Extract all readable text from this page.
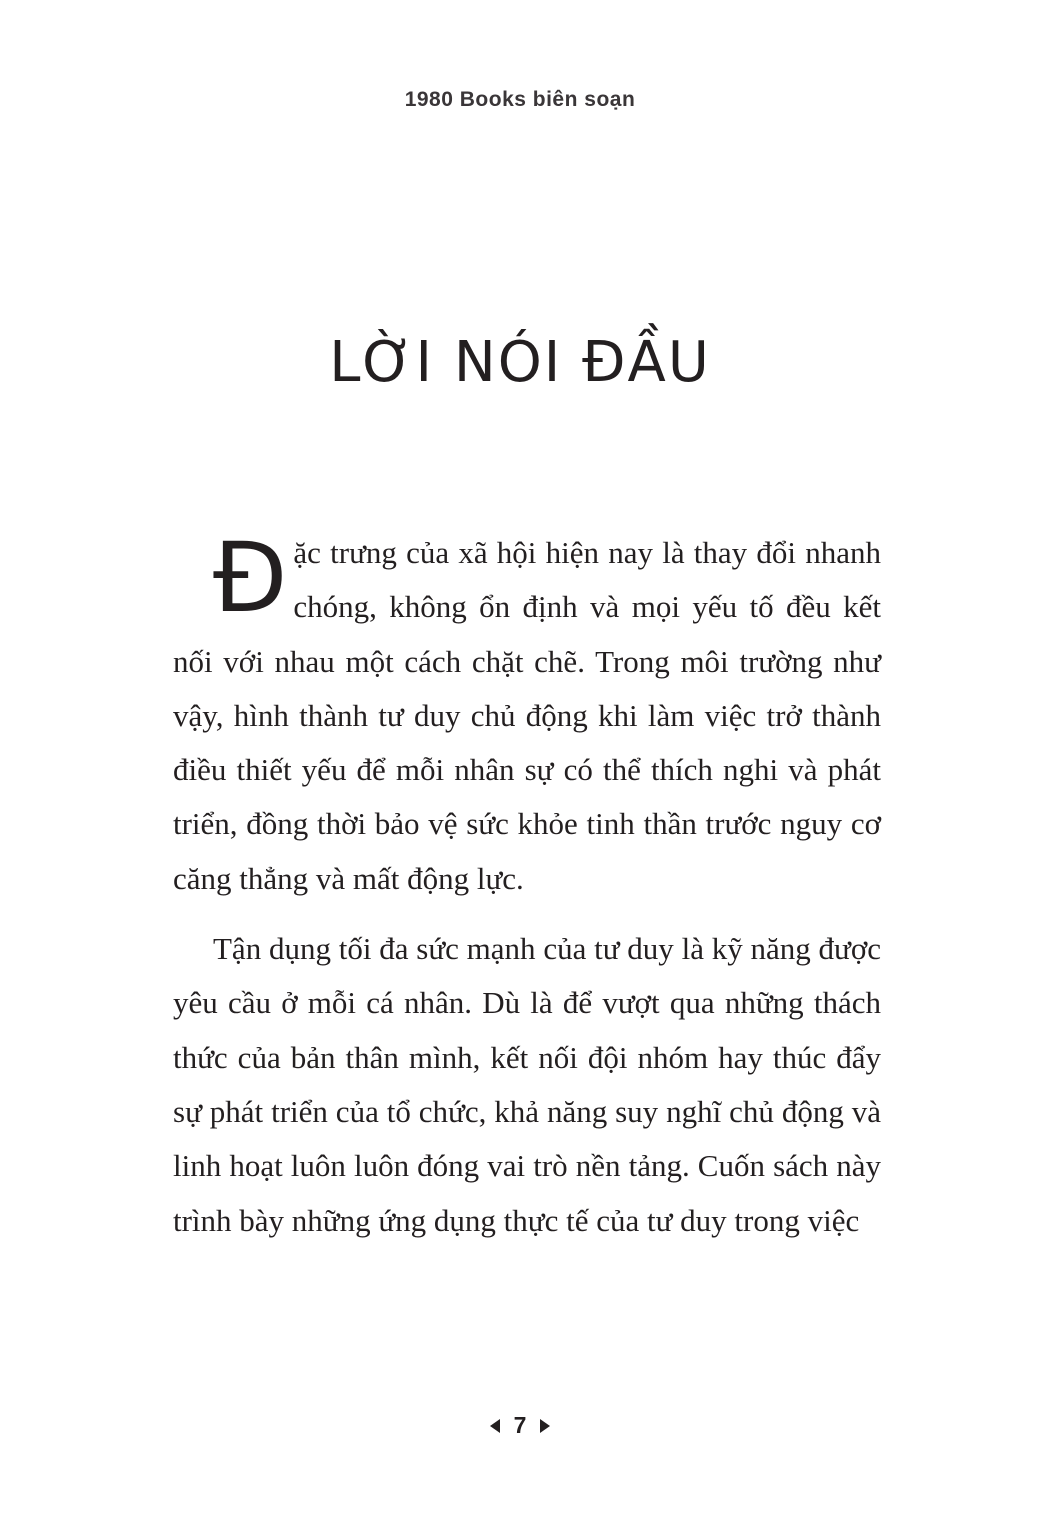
1980 Books biên soạn
LỜI NÓI ĐẦU

Đ ặc trưng của xã hội hiện nay là thay đổi nhanh chóng, không ổn định và mọi yếu tố đều kết nối với nhau một cách chặt chẽ. Trong môi trường như vậy, hình thành tư duy chủ động khi làm việc trở thành điều thiết yếu để mỗi nhân sự có thể thích nghi và phát triển, đồng thời bảo vệ sức khỏe tinh thần trước nguy cơ căng thẳng và mất động lực.

Tận dụng tối đa sức mạnh của tư duy là kỹ năng được yêu cầu ở mỗi cá nhân. Dù là để vượt qua những thách thức của bản thân mình, kết nối đội nhóm hay thúc đẩy sự phát triển của tổ chức, khả năng suy nghĩ chủ động và linh hoạt luôn luôn đóng vai trò nền tảng. Cuốn sách này trình bày những ứng dụng thực tế của tư duy trong việc

7
